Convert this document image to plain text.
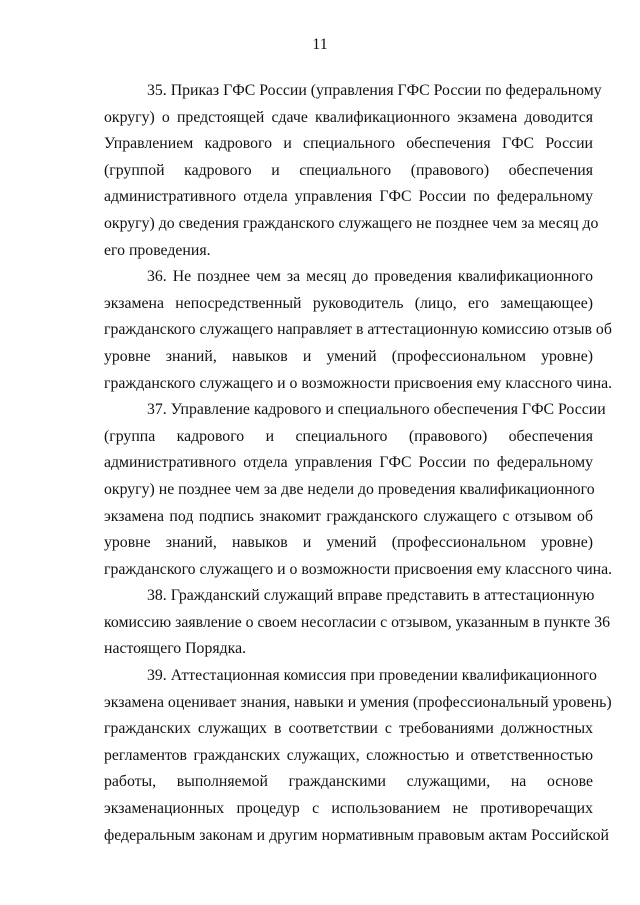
11
35. Приказ ГФС России (управления ГФС России по федеральному
округу) о предстоящей сдаче квалификационного экзамена доводится
Управлением кадрового и специального обеспечения ГФС России
(группой кадрового и специального (правового) обеспечения
административного отдела управления ГФС России по федеральному
округу) до сведения гражданского служащего не позднее чем за месяц до
его проведения.
36. Не позднее чем за месяц до проведения квалификационного
экзамена непосредственный руководитель (лицо, его замещающее)
гражданского служащего направляет в аттестационную комиссию отзыв об
уровне знаний, навыков и умений (профессиональном уровне)
гражданского служащего и о возможности присвоения ему классного чина.
37. Управление кадрового и специального обеспечения ГФС России
(группа кадрового и специального (правового) обеспечения
административного отдела управления ГФС России по федеральному
округу) не позднее чем за две недели до проведения квалификационного
экзамена под подпись знакомит гражданского служащего с отзывом об
уровне знаний, навыков и умений (профессиональном уровне)
гражданского служащего и о возможности присвоения ему классного чина.
38. Гражданский служащий вправе представить в аттестационную
комиссию заявление о своем несогласии с отзывом, указанным в пункте 36
настоящего Порядка.
39. Аттестационная комиссия при проведении квалификационного
экзамена оценивает знания, навыки и умения (профессиональный уровень)
гражданских служащих в соответствии с требованиями должностных
регламентов гражданских служащих, сложностью и ответственностью
работы, выполняемой гражданскими служащими, на основе
экзаменационных процедур с использованием не противоречащих
федеральным законам и другим нормативным правовым актам Российской
